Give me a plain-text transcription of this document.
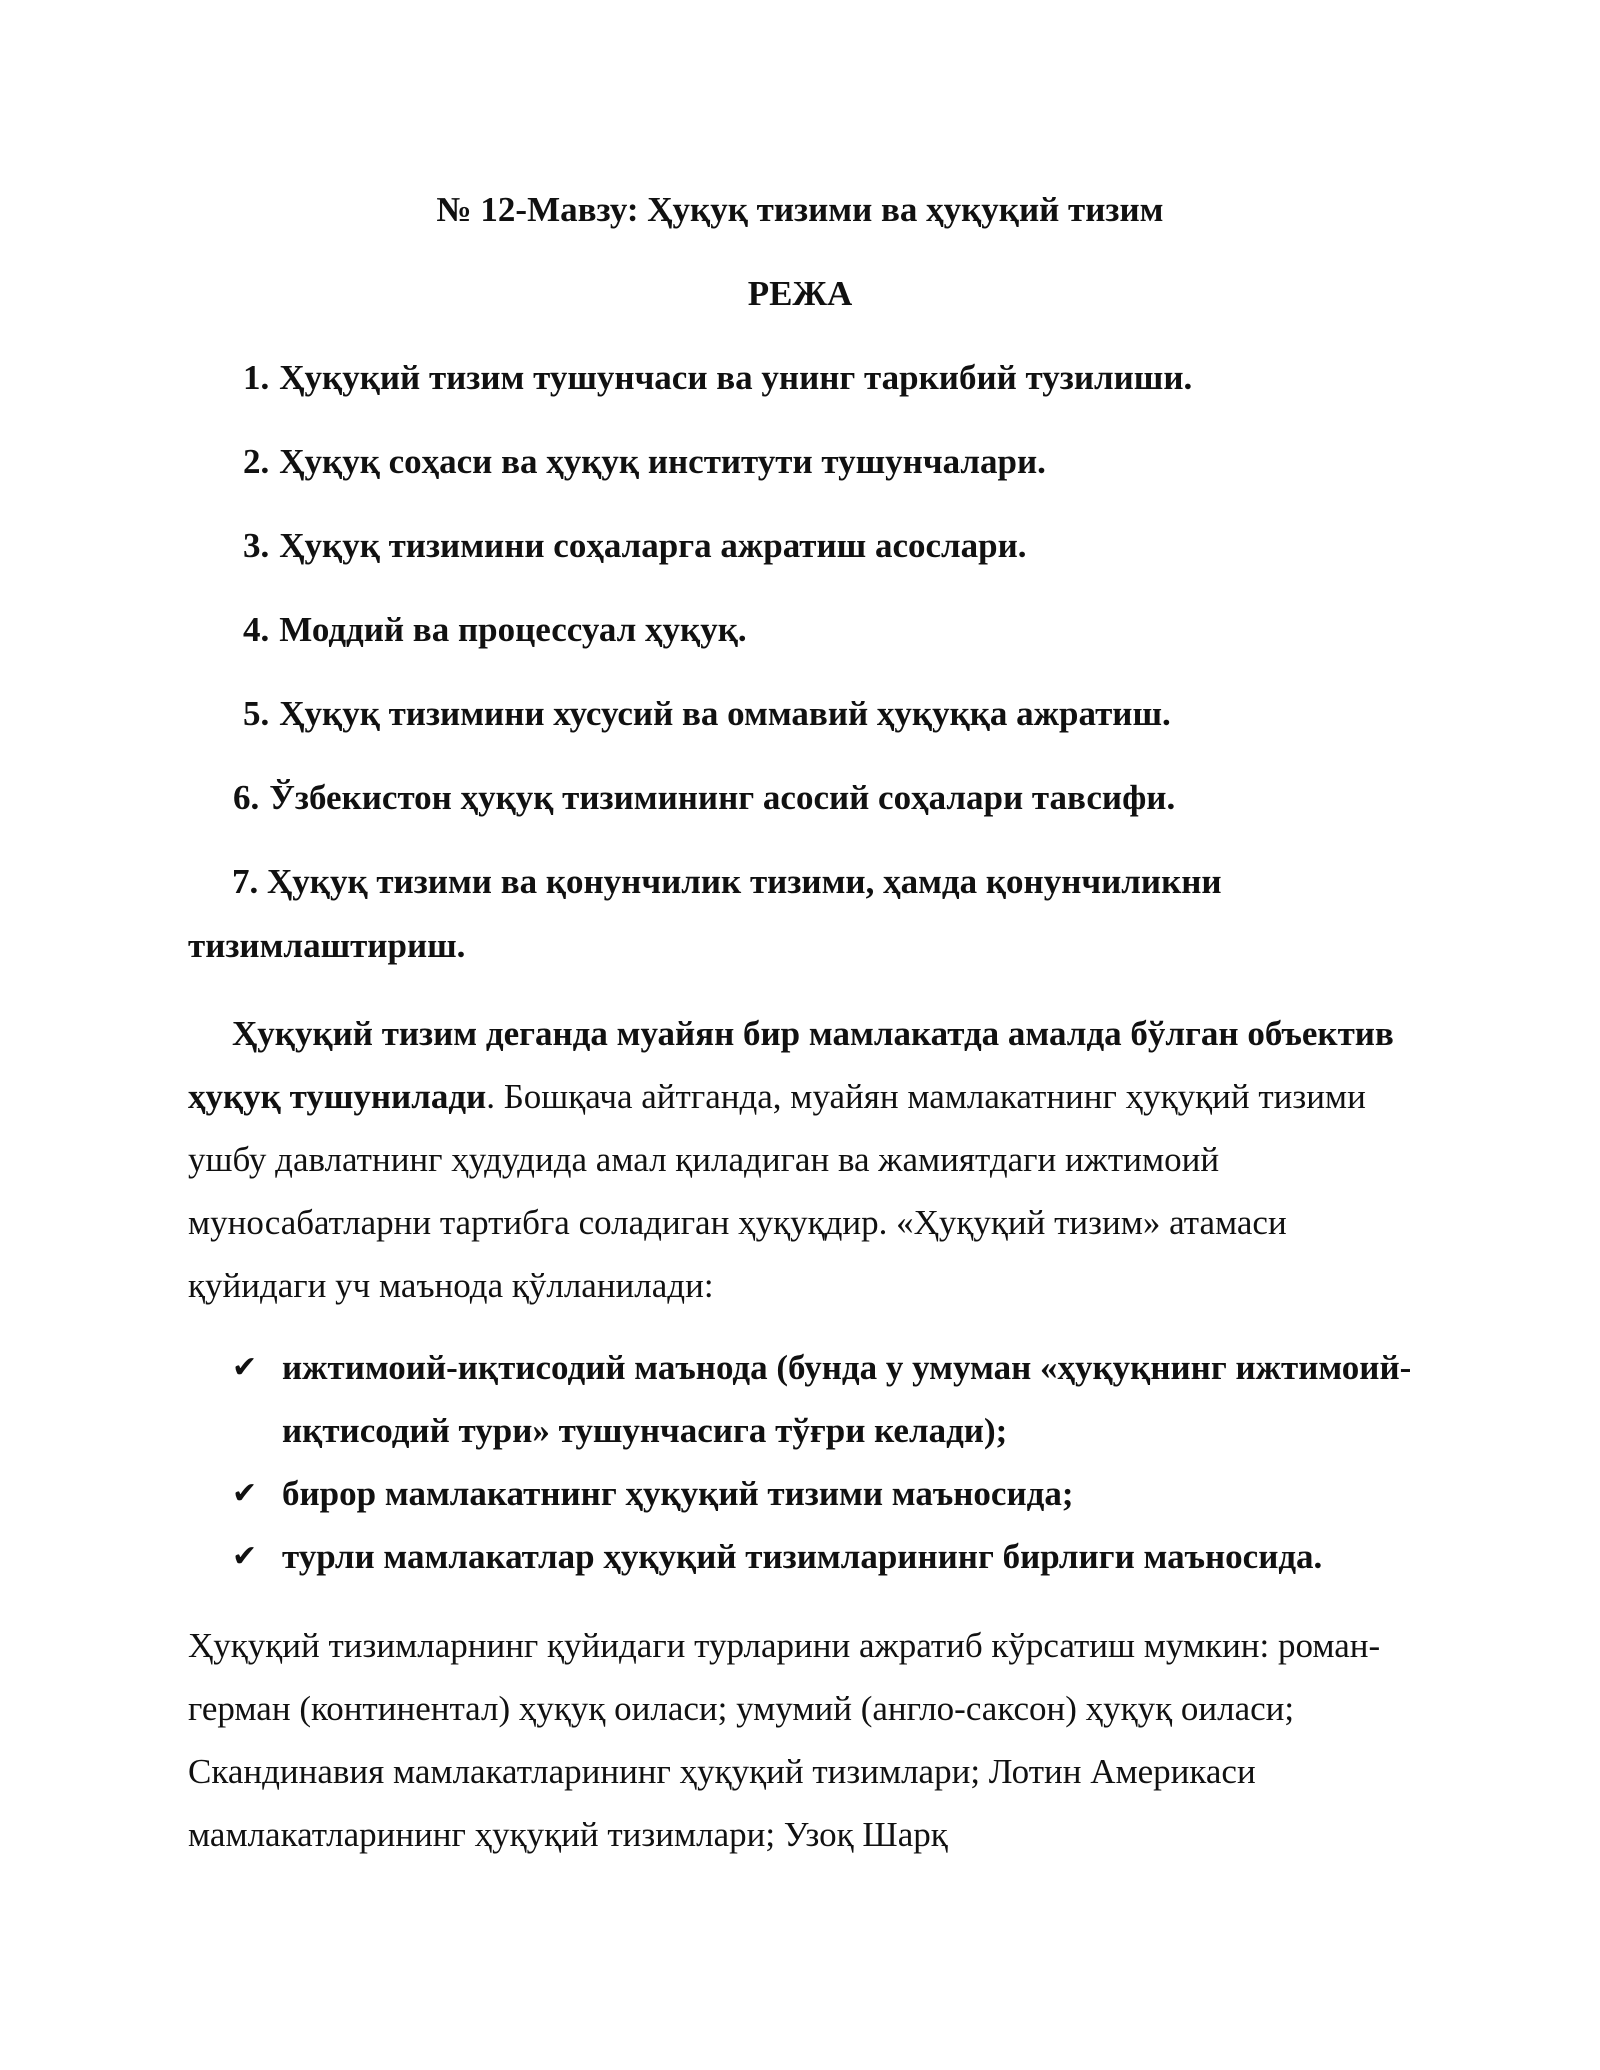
№ 12-Мавзу: Ҳуқуқ тизими ва ҳуқуқий тизим
РЕЖА
1. Ҳуқуқий тизим тушунчаси ва унинг таркибий тузилиши.
2. Ҳуқуқ соҳаси ва ҳуқуқ институти тушунчалари.
3. Ҳуқуқ тизимини соҳаларга ажратиш асослари.
4. Моддий ва процессуал ҳуқуқ.
5. Ҳуқуқ тизимини хусусий ва оммавий ҳуқуққа ажратиш.
6. Ўзбекистон ҳуқуқ тизимининг асосий соҳалари тавсифи.
7. Ҳуқуқ тизими ва қонунчилик тизими, ҳамда қонунчиликни тизимлаштириш.
Ҳуқуқий тизим деганда муайян бир мамлакатда амалда бўлган объектив ҳуқуқ тушунилади. Бошқача айтганда, муайян мамлакатнинг ҳуқуқий тизими ушбу давлатнинг ҳудудида амал қиладиган ва жамиятдаги ижтимоий муносабатларни тартибга соладиган ҳуқуқдир. «Ҳуқуқий тизим» атамаси қуйидаги уч маънода қўлланилади:
✔ ижтимоий-иқтисодий маънода (бунда у умуман «ҳуқуқнинг ижтимоий-иқтисодий тури» тушунчасига тўғри келади);
✔ бирор мамлакатнинг ҳуқуқий тизими маъносида;
✔ турли мамлакатлар ҳуқуқий тизимларининг бирлиги маъносида.
Ҳуқуқий тизимларнинг қуйидаги турларини ажратиб кўрсатиш мумкин: роман-герман (континентал) ҳуқуқ оиласи; умумий (англо-саксон) ҳуқуқ оиласи; Скандинавия мамлакатларининг ҳуқуқий тизимлари; Лотин Америкаси мамлакатларининг ҳуқуқий тизимлари; Узоқ Шарқ
